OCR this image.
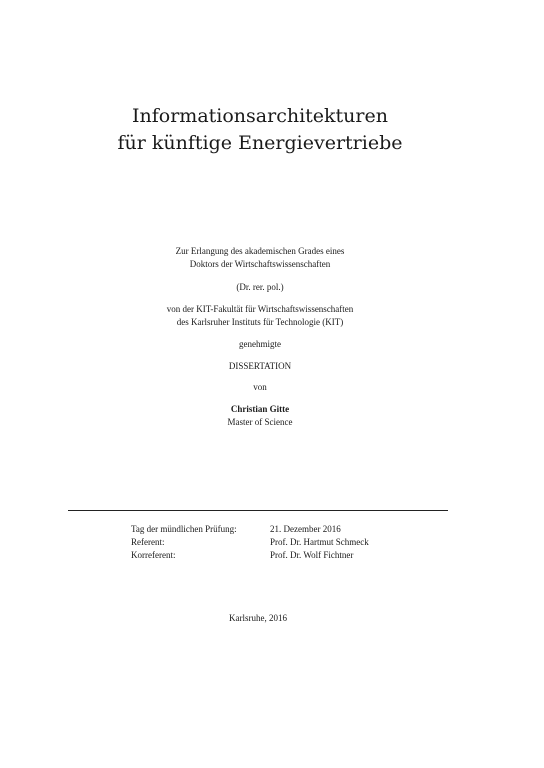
Informationsarchitekturen
für künftige Energievertriebe
Zur Erlangung des akademischen Grades eines
Doktors der Wirtschaftswissenschaften
(Dr. rer. pol.)
von der KIT-Fakultät für Wirtschaftswissenschaften
des Karlsruher Instituts für Technologie (KIT)
genehmigte
DISSERTATION
von
Christian Gitte
Master of Science
Tag der mündlichen Prüfung:	21. Dezember 2016
Referent:	Prof. Dr. Hartmut Schmeck
Korreferent:	Prof. Dr. Wolf Fichtner
Karlsruhe, 2016
